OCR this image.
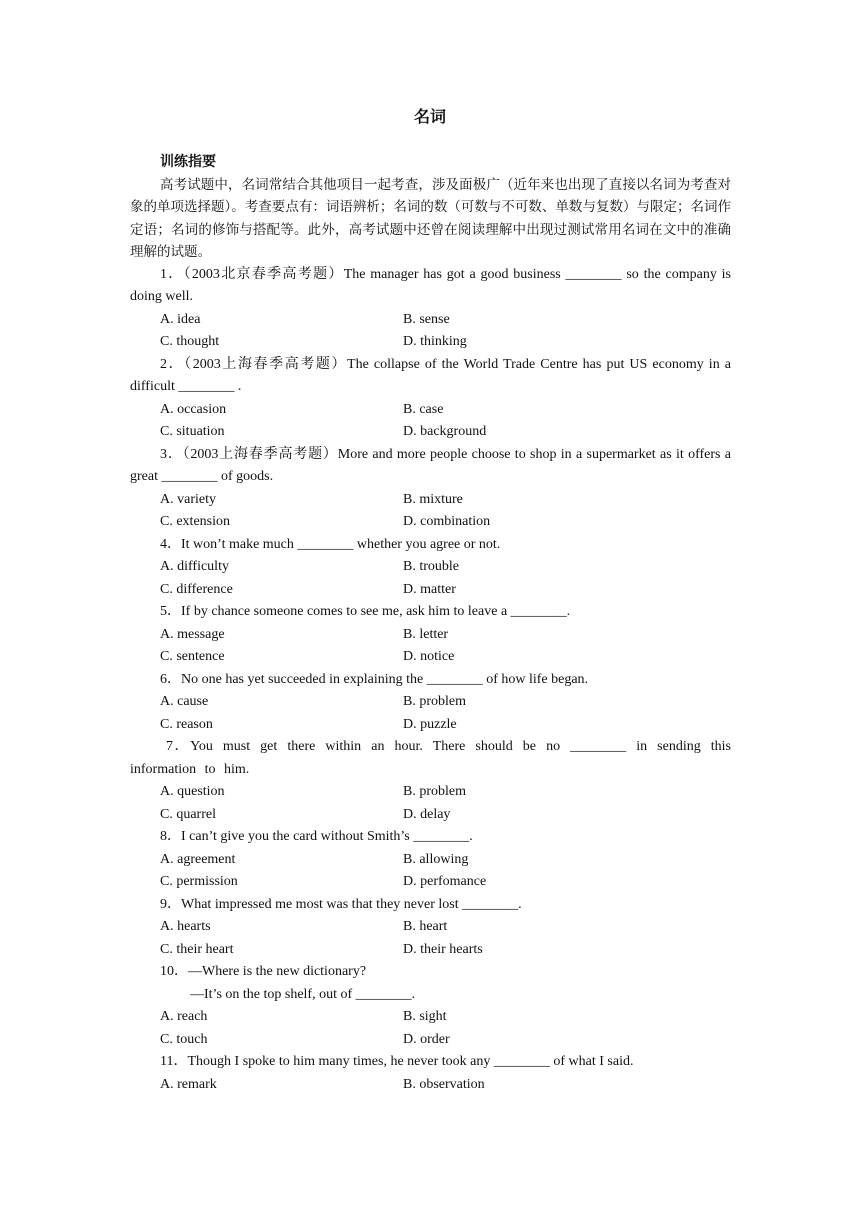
名词
训练指要
高考试题中，名词常结合其他项目一起考查，涉及面极广（近年来也出现了直接以名词为考查对象的单项选择题）。考查要点有：词语辨析；名词的数（可数与不可数、单数与复数）与限定；名词作定语；名词的修饰与搭配等。此外，高考试题中还曾在阅读理解中出现过测试常用名词在文中的准确理解的试题。
1．（2003北京春季高考题）The manager has got a good business ________ so the company is doing well.
A. idea	B. sense
C. thought	D. thinking
2．（2003上海春季高考题）The collapse of the World Trade Centre has put US economy in a difficult ________ .
A. occasion	B. case
C. situation	D. background
3．（2003上海春季高考题）More and more people choose to shop in a supermarket as it offers a great ________ of goods.
A. variety	B. mixture
C. extension	D. combination
4．It won’t make much ________ whether you agree or not.
A. difficulty	B. trouble
C. difference	D. matter
5．If by chance someone comes to see me, ask him to leave a ________.
A. message	B. letter
C. sentence	D. notice
6．No one has yet succeeded in explaining the ________ of how life began.
A. cause	B. problem
C. reason	D. puzzle
7．You must get there within an hour. There should be no ________ in sending this information to him.
A. question	B. problem
C. quarrel	D. delay
8．I can’t give you the card without Smith’s ________.
A. agreement	B. allowing
C. permission	D. perfomance
9．What impressed me most was that they never lost ________.
A. hearts	B. heart
C. their heart	D. their hearts
10．—Where is the new dictionary?
—It’s on the top shelf, out of ________.
A. reach	B. sight
C. touch	D. order
11．Though I spoke to him many times, he never took any ________ of what I said.
A. remark	B. observation
